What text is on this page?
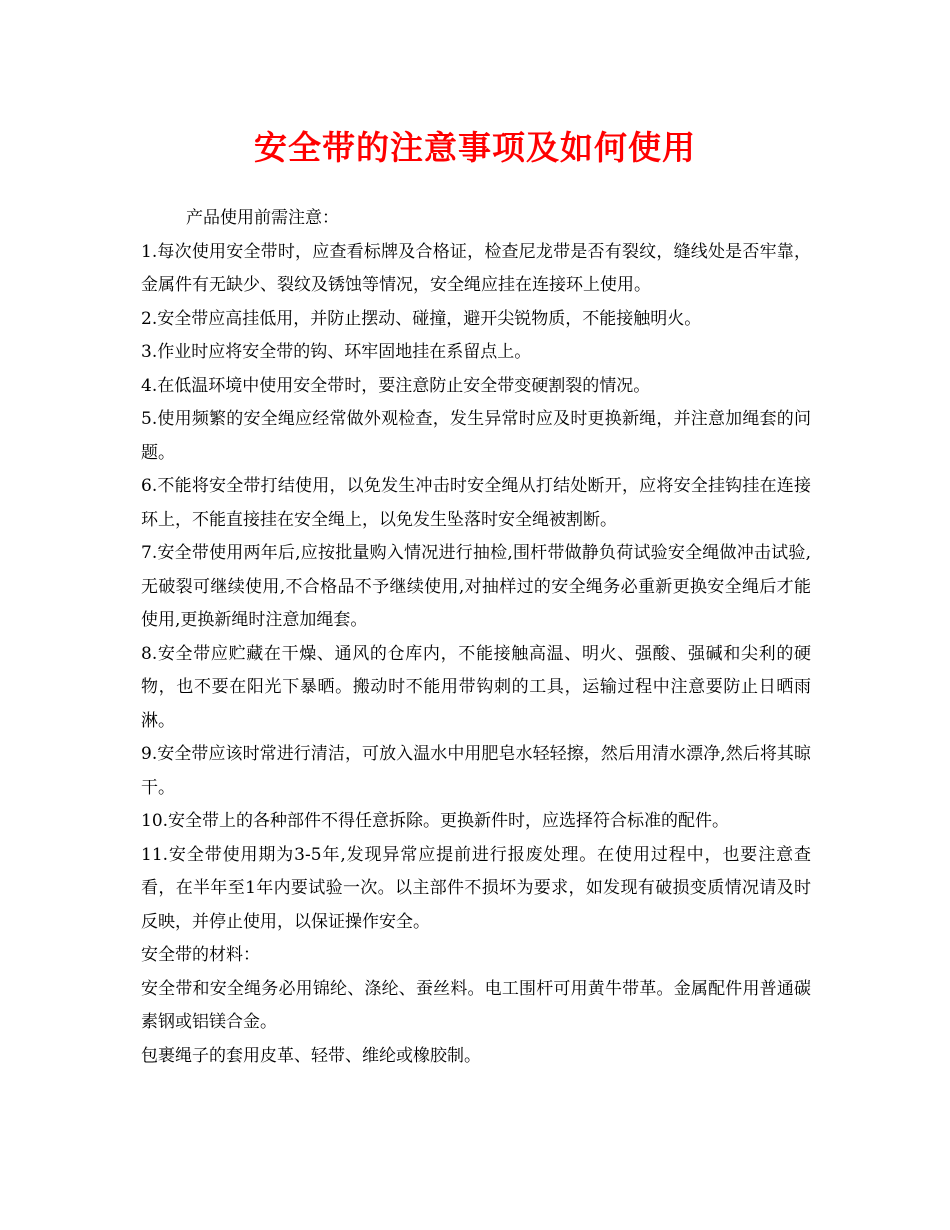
安全带的注意事项及如何使用

产品使用前需注意：

1.每次使用安全带时，应查看标牌及合格证，检查尼龙带是否有裂纹，缝线处是否牢靠，金属件有无缺少、裂纹及锈蚀等情况，安全绳应挂在连接环上使用。

2.安全带应高挂低用，并防止摆动、碰撞，避开尖锐物质，不能接触明火。

3.作业时应将安全带的钩、环牢固地挂在系留点上。

4.在低温环境中使用安全带时，要注意防止安全带变硬割裂的情况。

5.使用频繁的安全绳应经常做外观检查，发生异常时应及时更换新绳，并注意加绳套的问题。

6.不能将安全带打结使用，以免发生冲击时安全绳从打结处断开，应将安全挂钩挂在连接环上，不能直接挂在安全绳上，以免发生坠落时安全绳被割断。

7.安全带使用两年后,应按批量购入情况进行抽检,围杆带做静负荷试验安全绳做冲击试验,无破裂可继续使用,不合格品不予继续使用,对抽样过的安全绳务必重新更换安全绳后才能使用,更换新绳时注意加绳套。

8.安全带应贮藏在干燥、通风的仓库内，不能接触高温、明火、强酸、强碱和尖利的硬物，也不要在阳光下暴晒。搬动时不能用带钩刺的工具，运输过程中注意要防止日晒雨淋。

9.安全带应该时常进行清洁，可放入温水中用肥皂水轻轻擦，然后用清水漂净,然后将其晾干。

10.安全带上的各种部件不得任意拆除。更换新件时，应选择符合标准的配件。

11.安全带使用期为3-5年,发现异常应提前进行报废处理。在使用过程中，也要注意查看，在半年至1年内要试验一次。以主部件不损坏为要求，如发现有破损变质情况请及时反映，并停止使用，以保证操作安全。

安全带的材料：

安全带和安全绳务必用锦纶、涤纶、蚕丝料。电工围杆可用黄牛带革。金属配件用普通碳素钢或铝镁合金。

包裹绳子的套用皮革、轻带、维纶或橡胶制。
